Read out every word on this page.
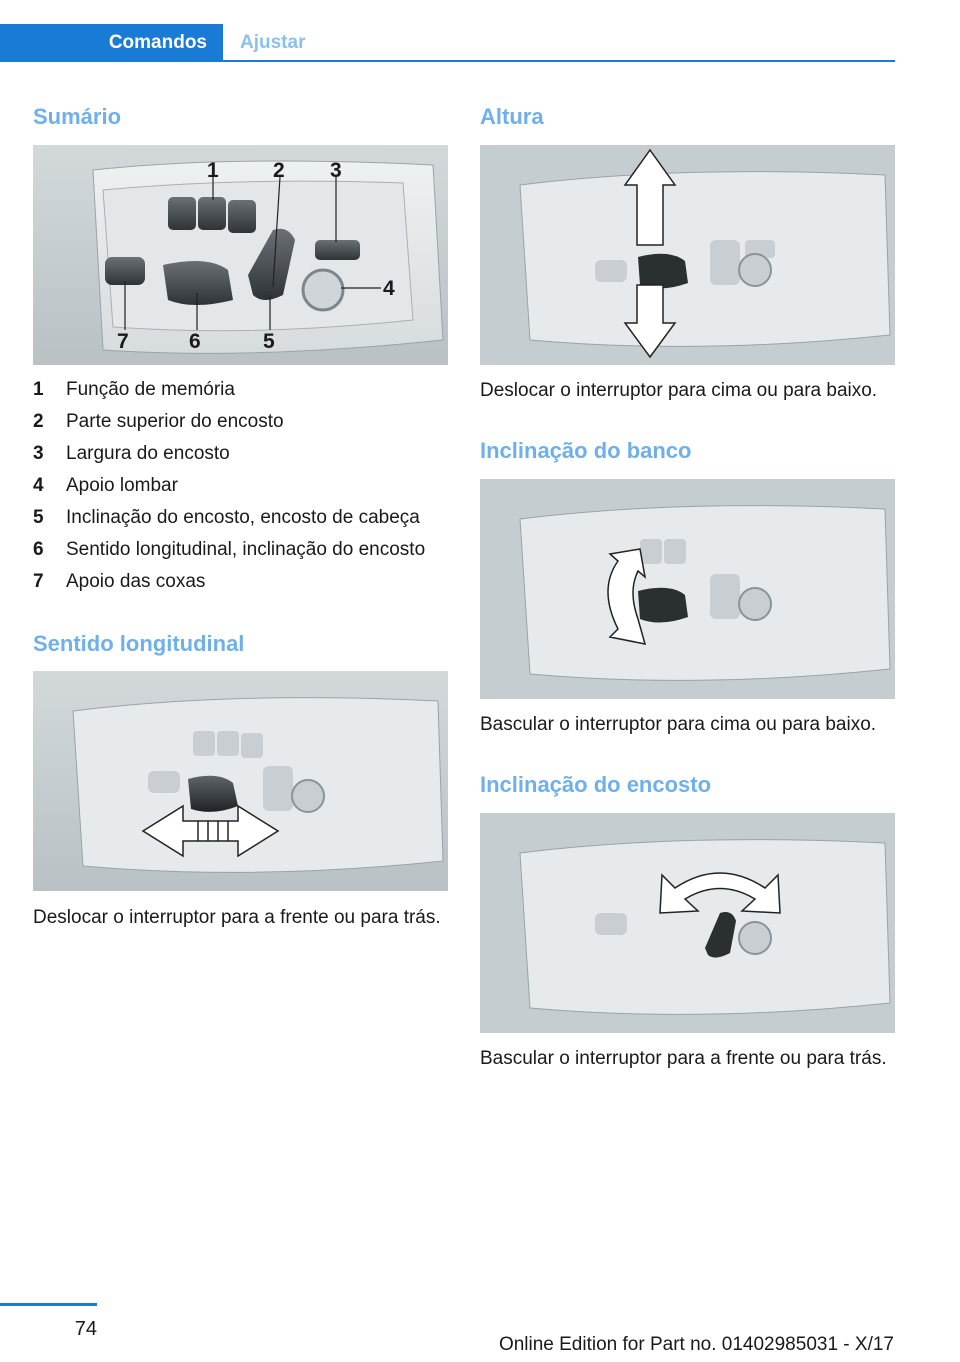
Comandos	Ajustar
Sumário
1	2 3
4
5
6
7
1 Função de memória
2 Parte superior do encosto
3 Largura do encosto
4 Apoio lombar
5 Inclinação do encosto, encosto de cabeça
6 Sentido longitudinal, inclinação do encosto
7 Apoio das coxas
Sentido longitudinal

Deslocar o interruptor para a frente ou para trás.

Altura

Deslocar o interruptor para cima ou para baixo.

Inclinação do banco

Bascular o interruptor para cima ou para baixo.

Inclinação do encosto

Bascular o interruptor para a frente ou para trás.

74
Online Edition for Part no. 01402985031 - X/17
